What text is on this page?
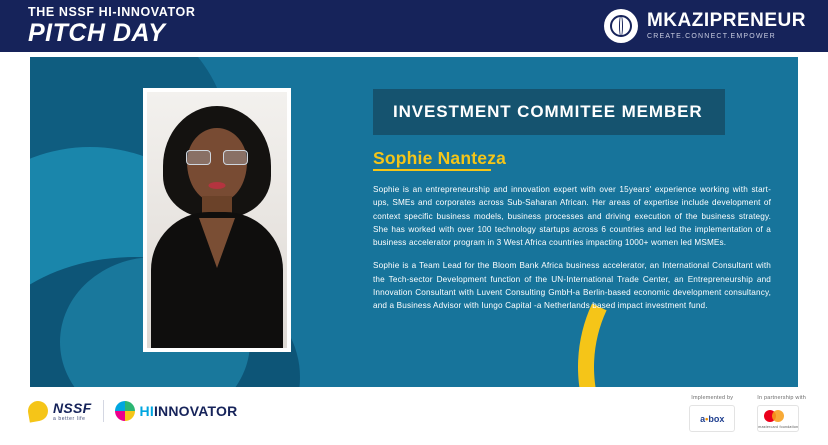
THE NSSF HI-INNOVATOR
PITCH DAY	MKAZIPRENEUR
CREATE.CONNECT.EMPOWER
INVESTMENT COMMITEE MEMBER
Sophie Nanteza

Sophie is an entrepreneurship and innovation expert with over 15years' experience working with start-ups, SMEs and corporates across Sub-Saharan African. Her areas of expertise include development of context specific business models, business processes and driving execution of the business strategy. She has worked with over 100 technology startups across 6 countries and led the implementation of a business accelerator program in 3 West Africa countries impacting 1000+ women led MSMEs.

Sophie is a Team Lead for the Bloom Bank Africa business accelerator, an International Consultant with the Tech-sector Development function of the UN-International Trade Center, an Entrepreneurship and Innovation Consultant with Luvent Consulting GmbH-a Berlin-based economic development consultancy, and a Business Advisor with Iungo Capital -a Netherlands based impact investment fund.

NSSF
a better life	HIINNOVATOR
Implemented by
a • box
In partnership with
mastercard foundation
